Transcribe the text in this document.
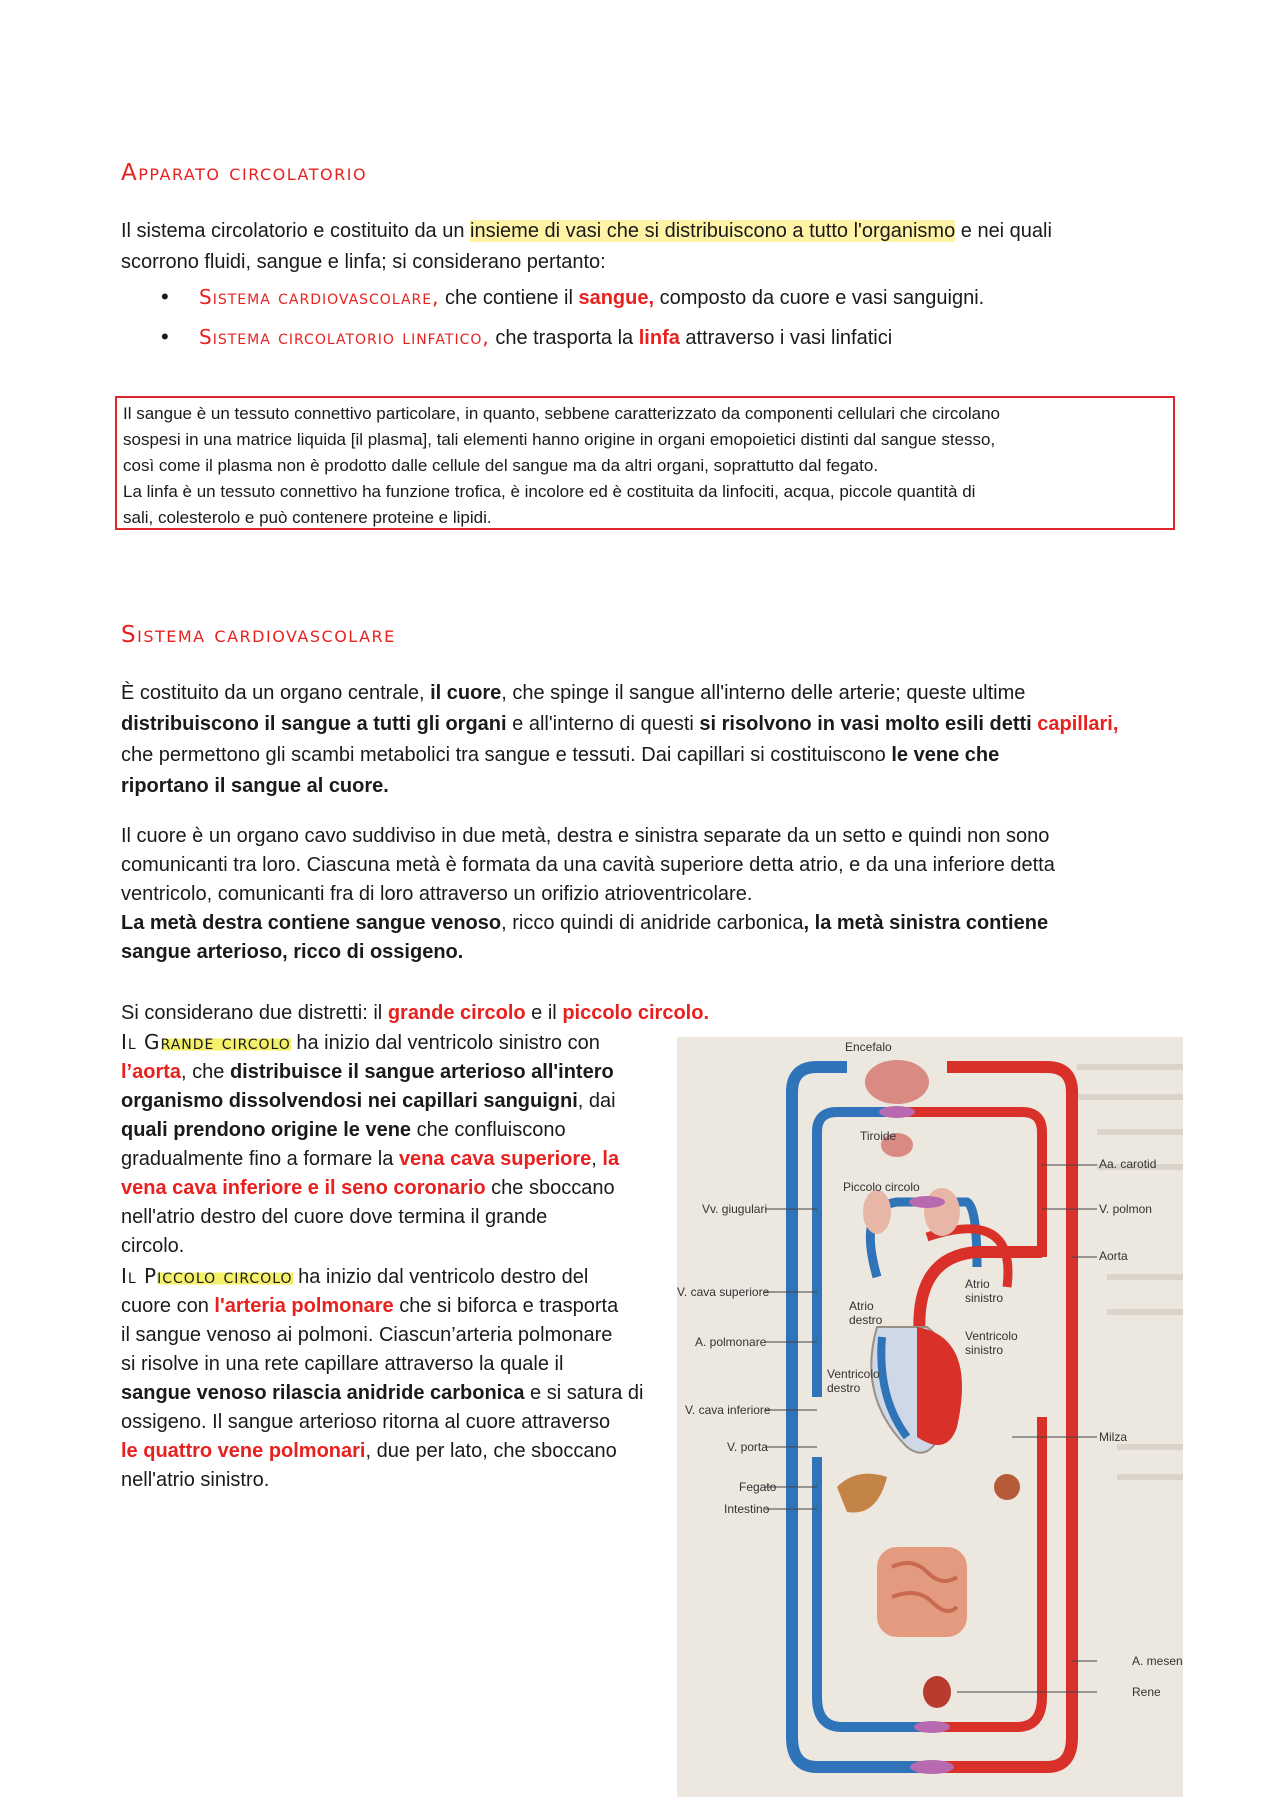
Apparato circolatorio

Il sistema circolatorio e costituito da un insieme di vasi che si distribuiscono a tutto l'organismo e nei quali
scorrono fluidi, sangue e linfa; si considerano pertanto:

• Sistema cardiovascolare, che contiene il sangue, composto da cuore e vasi sanguigni.
• Sistema circolatorio linfatico, che trasporta la linfa attraverso i vasi linfatici
Il sangue è un tessuto connettivo particolare, in quanto, sebbene caratterizzato da componenti cellulari che circolano
sospesi in una matrice liquida [il plasma], tali elementi hanno origine in organi emopoietici distinti dal sangue stesso,
così come il plasma non è prodotto dalle cellule del sangue ma da altri organi, soprattutto dal fegato.
La linfa è un tessuto connettivo ha funzione trofica, è incolore ed è costituita da linfociti, acqua, piccole quantità di
sali, colesterolo e può contenere proteine e lipidi.
Sistema cardiovascolare

È costituito da un organo centrale, il cuore, che spinge il sangue all'interno delle arterie; queste ultime
distribuiscono il sangue a tutti gli organi e all'interno di questi si risolvono in vasi molto esili detti capillari,
che permettono gli scambi metabolici tra sangue e tessuti. Dai capillari si costituiscono le vene che
riportano il sangue al cuore.

Il cuore è un organo cavo suddiviso in due metà, destra e sinistra separate da un setto e quindi non sono
comunicanti tra loro. Ciascuna metà è formata da una cavità superiore detta atrio, e da una inferiore detta
ventricolo, comunicanti fra di loro attraverso un orifizio atrioventricolare.
La metà destra contiene sangue venoso, ricco quindi di anidride carbonica, la metà sinistra contiene
sangue arterioso, ricco di ossigeno.

Si considerano due distretti: il grande circolo e il piccolo circolo.

Il Grande circolo ha inizio dal ventricolo sinistro con
l’aorta, che distribuisce il sangue arterioso all'intero
organismo dissolvendosi nei capillari sanguigni, dai
quali prendono origine le vene che confluiscono
gradualmente fino a formare la vena cava superiore, la
vena cava inferiore e il seno coronario che sboccano
nell'atrio destro del cuore dove termina il grande
circolo.

Il Piccolo circolo ha inizio dal ventricolo destro del
cuore con l'arteria polmonare che si biforca e trasporta
il sangue venoso ai polmoni. Ciascun’arteria polmonare
si risolve in una rete capillare attraverso la quale il
sangue venoso rilascia anidride carbonica e si satura di
ossigeno. Il sangue arterioso ritorna al cuore attraverso
le quattro vene polmonari, due per lato, che sboccano
nell'atrio sinistro.

Encefalo
Tiroide
Piccolo circolo
Aa. carotid
Vv. giugulari	V. polmon
Aorta
Atrio
sinistro
V. cava superiore
Atrio
destro
Ventricolo
sinistro
A. polmonare
Ventricolo
destro
Milza
V. cava inferiore
V. porta
Fegato
Intestino
A. mesen
Rene
